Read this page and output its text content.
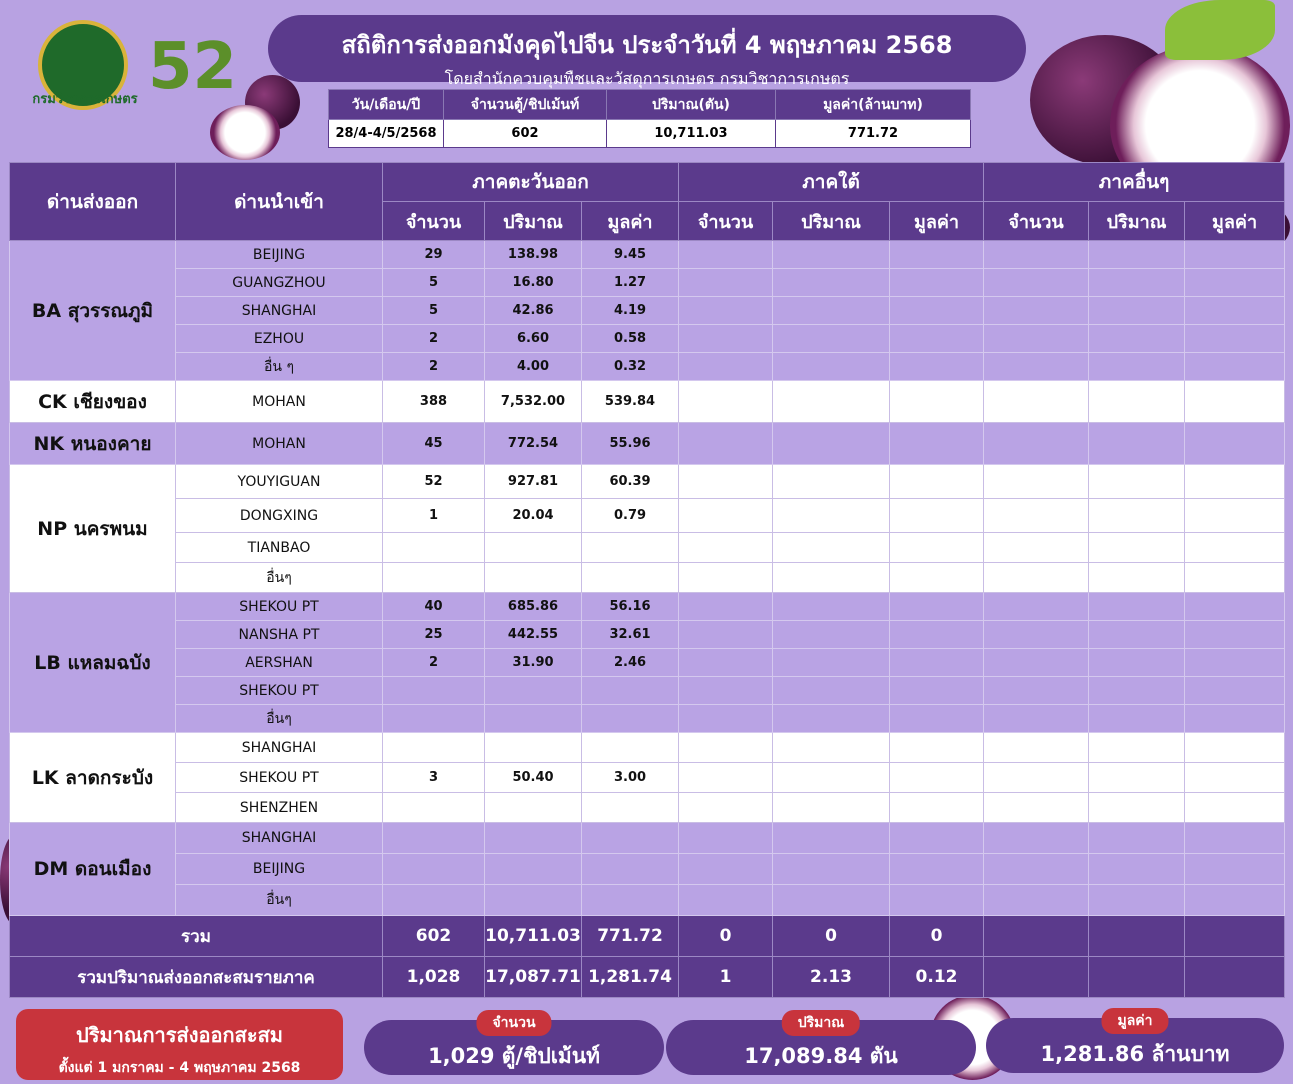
กรมวิชาการเกษตร 52	สถิติการส่งออกมังคุดไปจีน ประจำวันที่ 4 พฤษภาคม 2568
โดยสำนักควบคุมพืชและวัสดุการเกษตร กรมวิชาการเกษตร
วัน/เดือน/ปี	จำนวนตู้/ชิปเม้นท์	ปริมาณ(ตัน)	มูลค่า(ล้านบาท)
28/4-4/5/2568	602	10,711.03	771.72
ด่านส่งออก	ด่านนำเข้า	ภาคตะวันออก			ภาคใต้			ภาคอื่นๆ		
		จำนวน	ปริมาณ	มูลค่า	จำนวน	ปริมาณ	มูลค่า	จำนวน	ปริมาณ	มูลค่า
BA สุวรรณภูมิ	BEIJING	29	138.98	9.45						
	GUANGZHOU	5	16.80	1.27						
	SHANGHAI	5	42.86	4.19						
	EZHOU	2	6.60	0.58						
	อื่น ๆ	2	4.00	0.32						
CK เชียงของ	MOHAN	388	7,532.00	539.84						
NK หนองคาย	MOHAN	45	772.54	55.96						
NP นครพนม	YOUYIGUAN	52	927.81	60.39						
	DONGXING	1	20.04	0.79						
	TIANBAO									
	อื่นๆ									
LB แหลมฉบัง	SHEKOU PT	40	685.86	56.16						
	NANSHA PT	25	442.55	32.61						
	AERSHAN	2	31.90	2.46						
	SHEKOU PT									
	อื่นๆ									
LK ลาดกระบัง	SHANGHAI									
	SHEKOU PT	3	50.40	3.00						
	SHENZHEN									
DM ดอนเมือง	SHANGHAI									
	BEIJING									
	อื่นๆ									
รวม		602	10,711.03	771.72	0	0	0			
รวมปริมาณส่งออกสะสมรายภาค		1,028	17,087.71	1,281.74	1	2.13	0.12			
ปริมาณการส่งออกสะสม
ตั้งแต่ 1 มกราคม - 4 พฤษภาคม 2568
จำนวน
1,029 ตู้/ชิปเม้นท์
ปริมาณ
17,089.84 ตัน
มูลค่า
1,281.86 ล้านบาท
